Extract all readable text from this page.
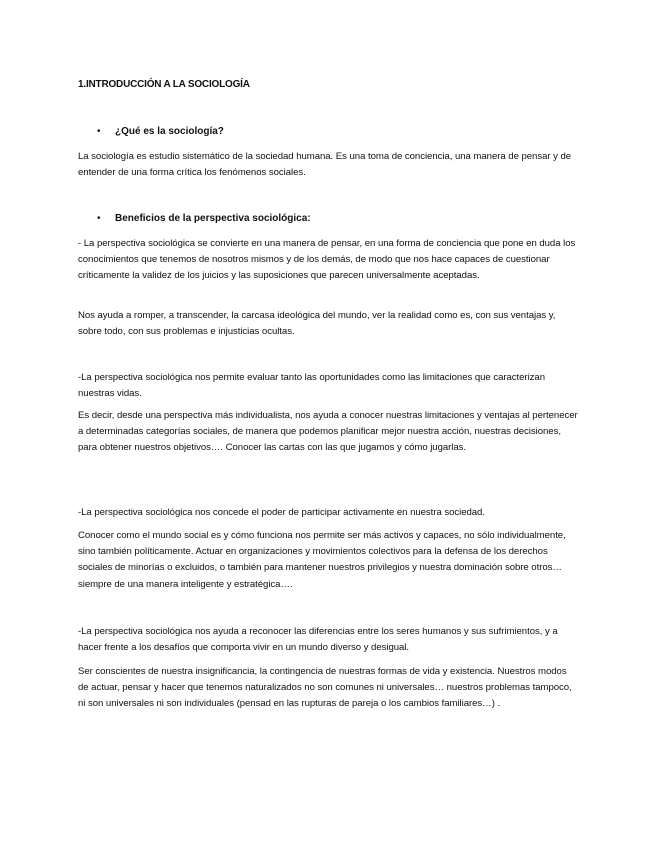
1.INTRODUCCIÓN A LA SOCIOLOGÍA
•	¿Qué es la sociología?

La sociología es estudio sistemático de la sociedad humana. Es una toma de conciencia, una manera de pensar y de entender de una forma crítica los fenómenos sociales.

•	Beneficios de la perspectiva sociológica:

- La perspectiva sociológica se convierte en una manera de pensar, en una forma de conciencia que pone en duda los conocimientos que tenemos de nosotros mismos y de los demás, de modo que nos hace capaces de cuestionar críticamente la validez de los juicios y las suposiciones que parecen universalmente aceptadas.

Nos ayuda a romper, a transcender, la carcasa ideológica del mundo, ver la realidad como es, con sus ventajas y, sobre todo, con sus problemas e injusticias ocultas.

-La perspectiva sociológica nos permite evaluar tanto las oportunidades como las limitaciones que caracterizan nuestras vidas.

Es decir, desde una perspectiva más individualista, nos ayuda a conocer nuestras limitaciones y ventajas al pertenecer a determinadas categorías sociales, de manera que podemos planificar mejor nuestra acción, nuestras decisiones, para obtener nuestros objetivos…. Conocer las cartas con las que jugamos y cómo jugarlas.

-La perspectiva sociológica nos concede el poder de participar activamente en nuestra sociedad.

Conocer como el mundo social es y cómo funciona nos permite ser más activos y capaces, no sólo individualmente, sino también políticamente. Actuar en organizaciones y movimientos colectivos para la defensa de los derechos sociales de minorías o excluidos, o también para mantener nuestros privilegios y nuestra dominación sobre otros… siempre de una manera inteligente y estratégica….

-La perspectiva sociológica nos ayuda a reconocer las diferencias entre los seres humanos y sus sufrimientos, y a hacer frente a los desafíos que comporta vivir en un mundo diverso y desigual.

Ser conscientes de nuestra insignificancia, la contingencia de nuestras formas de vida y existencia. Nuestros modos de actuar, pensar y hacer que tenemos naturalizados no son comunes ni universales… nuestros problemas tampoco, ni son universales ni son individuales (pensad en las rupturas de pareja o los cambios familiares…) .
